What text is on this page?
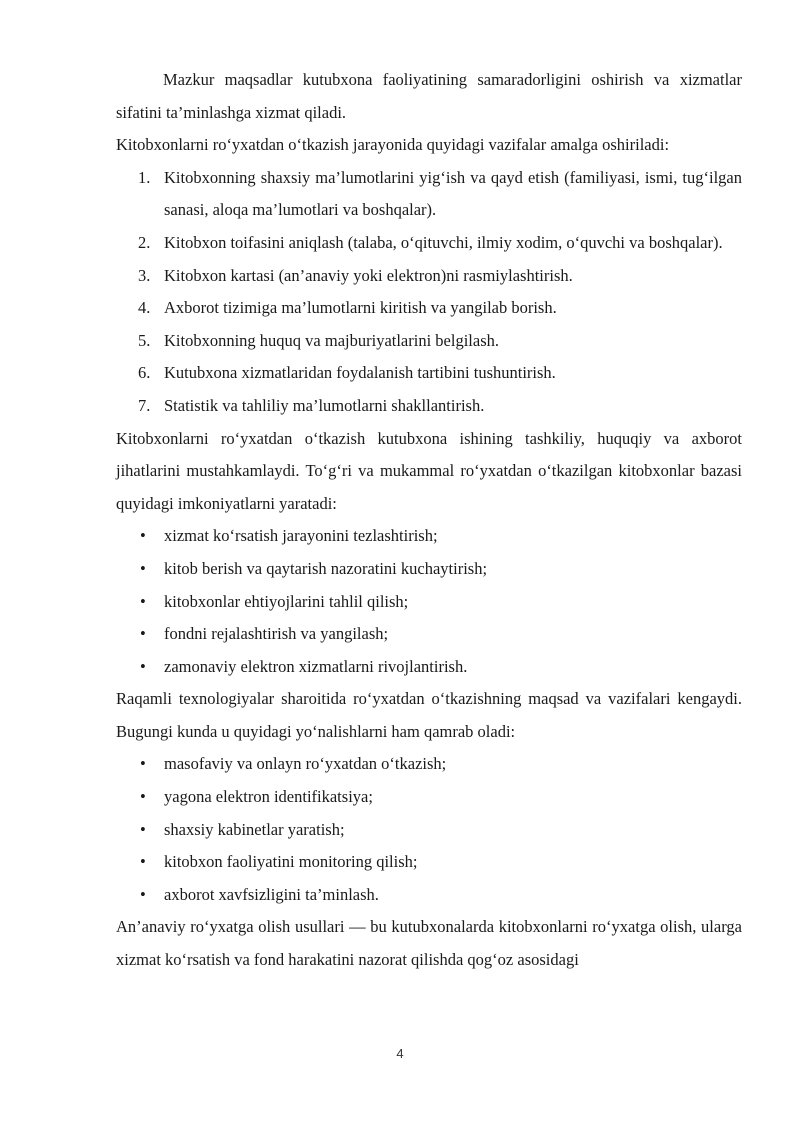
Mazkur maqsadlar kutubxona faoliyatining samaradorligini oshirish va xizmatlar sifatini ta’minlashga xizmat qiladi.

Kitobxonlarni ro‘yxatdan o‘tkazish jarayonida quyidagi vazifalar amalga oshiriladi:

1. Kitobxonning shaxsiy ma’lumotlarini yig‘ish va qayd etish (familiyasi, ismi, tug‘ilgan sanasi, aloqa ma’lumotlari va boshqalar).
2. Kitobxon toifasini aniqlash (talaba, o‘qituvchi, ilmiy xodim, o‘quvchi va boshqalar).
3. Kitobxon kartasi (an’anaviy yoki elektron)ni rasmiylashtirish.
4. Axborot tizimiga ma’lumotlarni kiritish va yangilab borish.
5. Kitobxonning huquq va majburiyatlarini belgilash.
6. Kutubxona xizmatlaridan foydalanish tartibini tushuntirish.
7. Statistik va tahliliy ma’lumotlarni shakllantirish.

Kitobxonlarni ro‘yxatdan o‘tkazish kutubxona ishining tashkiliy, huquqiy va axborot jihatlarini mustahkamlaydi. To‘g‘ri va mukammal ro‘yxatdan o‘tkazilgan kitobxonlar bazasi quyidagi imkoniyatlarni yaratadi:

• xizmat ko‘rsatish jarayonini tezlashtirish;
• kitob berish va qaytarish nazoratini kuchaytirish;
• kitobxonlar ehtiyojlarini tahlil qilish;
• fondni rejalashtirish va yangilash;
• zamonaviy elektron xizmatlarni rivojlantirish.

Raqamli texnologiyalar sharoitida ro‘yxatdan o‘tkazishning maqsad va vazifalari kengaydi. Bugungi kunda u quyidagi yo‘nalishlarni ham qamrab oladi:

• masofaviy va onlayn ro‘yxatdan o‘tkazish;
• yagona elektron identifikatsiya;
• shaxsiy kabinetlar yaratish;
• kitobxon faoliyatini monitoring qilish;
• axborot xavfsizligini ta’minlash.

An’anaviy ro‘yxatga olish usullari — bu kutubxonalarda kitobxonlarni ro‘yxatga olish, ularga xizmat ko‘rsatish va fond harakatini nazorat qilishda qog‘oz asosidagi

4
